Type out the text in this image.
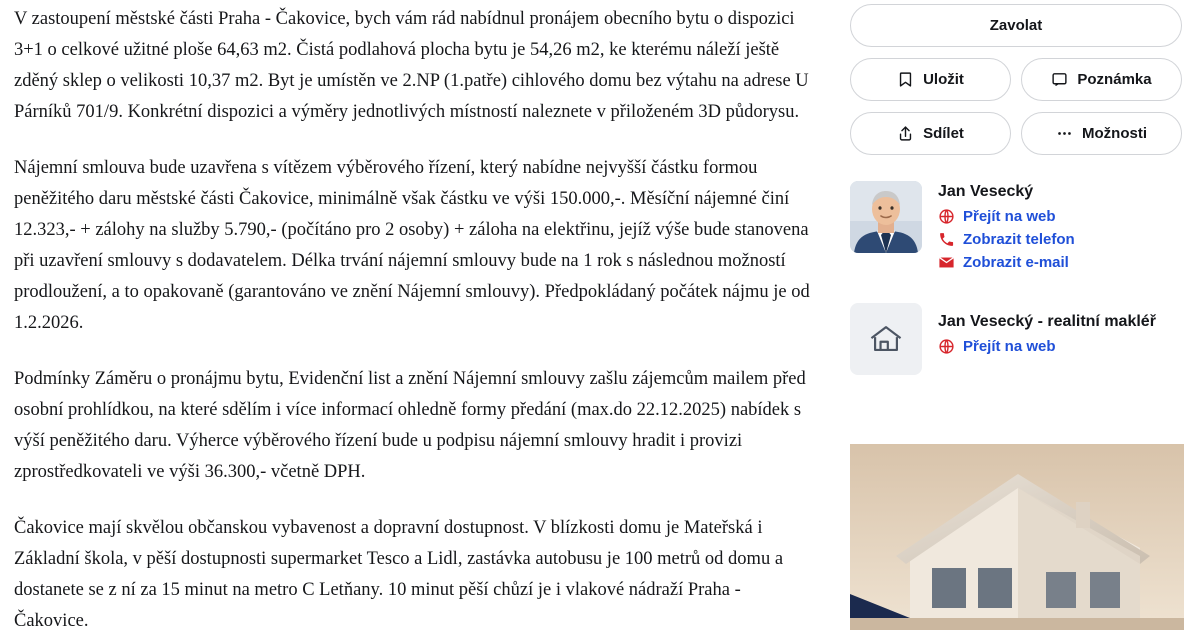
V zastoupení městské části Praha - Čakovice, bych vám rád nabídnul pronájem obecního bytu o dispozici 3+1 o celkové užitné ploše 64,63 m2. Čistá podlahová plocha bytu je 54,26 m2, ke kterému náleží ještě zděný sklep o velikosti 10,37 m2. Byt je umístěn ve 2.NP (1.patře) cihlového domu bez výtahu na adrese U Párníků 701/9. Konkrétní dispozici a výměry jednotlivých místností naleznete v přiloženém 3D půdorysu.

Nájemní smlouva bude uzavřena s vítězem výběrového řízení, který nabídne nejvyšší částku formou peněžitého daru městské části Čakovice, minimálně však částku ve výši 150.000,-. Měsíční nájemné činí 12.323,- + zálohy na služby 5.790,- (počítáno pro 2 osoby) + záloha na elektřinu, jejíž výše bude stanovena při uzavření smlouvy s dodavatelem. Délka trvání nájemní smlouvy bude na 1 rok s následnou možností prodloužení, a to opakovaně (garantováno ve znění Nájemní smlouvy). Předpokládaný počátek nájmu je od 1.2.2026.

Podmínky Záměru o pronájmu bytu, Evidenční list a znění Nájemní smlouvy zašlu zájemcům mailem před osobní prohlídkou, na které sdělím i více informací ohledně formy předání (max.do 22.12.2025) nabídek s výší peněžitého daru. Výherce výběrového řízení bude u podpisu nájemní smlouvy hradit i provizi zprostředkovateli ve výši 36.300,- včetně DPH.

Čakovice mají skvělou občanskou vybavenost a dopravní dostupnost. V blízkosti domu je Mateřská i Základní škola, v pěší dostupnosti supermarket Tesco a Lidl, zastávka autobusu je 100 metrů od domu a dostanete se z ní za 15 minut na metro C Letňany. 10 minut pěší chůzí je i vlakové nádraží Praha - Čakovice.

Zavolat
Uložit	Poznámka
Sdílet	Možnosti
Jan Vesecký
Přejít na web
Zobrazit telefon
Zobrazit e-mail
Jan Vesecký - realitní makléř
Přejít na web
